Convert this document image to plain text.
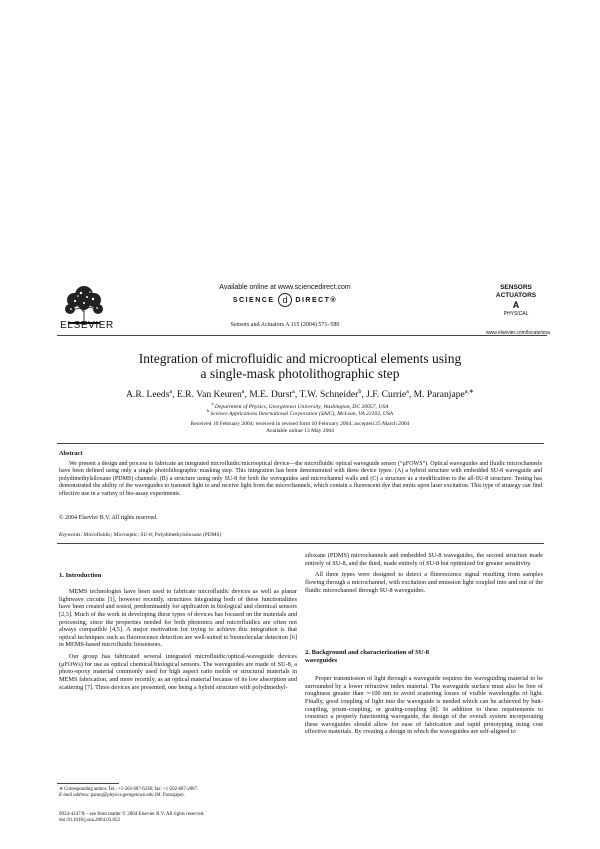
ELSEVIER
Available online at www.sciencedirect.com
SCIENCE d DIRECT®
Sensors and Actuators A 115 (2004) 571–580
SENSORS
ACTUATORS
A
PHYSICAL
www.elsevier.com/locate/sna
Integration of microfluidic and microoptical elements using
a single-mask photolithographic step
A.R. Leeds$^a$, E.R. Van Keuren$^a$, M.E. Durst$^a$, T.W. Schneider$^b$, J.F. Currie$^a$, M. Paranjape$^{a,∗}$
$^a$ Department of Physics, Georgetown University, Washington, DC 20057, USA
$^b$ Science Applications International Corporation (SAIC), McLean, VA 22102, USA
Received 10 February 2004; received in revised form 10 February 2004; accepted 25 March 2004
Available online 13 May 2004
Abstract
We present a design and process to fabricate an integrated microfluidic/microoptical device—the microfluidic optical waveguide sensor (“μFOWS”). Optical waveguides and fluidic microchannels have been defined using only a single photolithographic masking step. This integration has been demonstrated with three device types: (A) a hybrid structure with embedded SU-8 waveguide and polydimethylsiloxane (PDMS) channels; (B) a structure using only SU-8 for both the waveguides and microchannel walls and (C) a structure as a modification to the all-SU-8 structure. Testing has demonstrated the ability of the waveguides to transmit light to and receive light from the microchannels, which contain a fluorescent dye that emits upon laser excitation. This type of strategy can find effective use in a variety of bio-assay experiments.
© 2004 Elsevier B.V. All rights reserved.
Keywords: Microfluidic; Microoptic; SU-8; Polydimethylsiloxane (PDMS)
1. Introduction

MEMS technologies have been used to fabricate microfluidic devices as well as planar lightwave circuits [1], however recently, structures integrating both of these functionalities have been created and tested, predominantly for application in biological and chemical sensors [2,3]. Much of the work in developing these types of devices has focused on the materials and processing, since the properties needed for both photonics and microfluidics are often not always compatible [4,5]. A major motivation for trying to achieve this integration is that optical techniques such as fluorescence detection are well-suited to biomolecular detection [6] in MEMS-based microfluidic biosensors.

Our group has fabricated several integrated microfluidic/optical-waveguide devices (μFOWs) for use as optical chemical/biological sensors. The waveguides are made of SU-8, a photo-epoxy material commonly used for high aspect ratio molds or structural materials in MEMS fabrication, and more recently, as an optical material because of its low absorption and scattering [7]. Three devices are presented, one being a hybrid structure with polydimethyl-

∗ Corresponding author. Tel.: +1-202-687-6238; fax: +1-202-687-2087.
E-mail address: paranj@physics.georgetown.edu (M. Paranjape).
0924-4247/$ – see front matter © 2004 Elsevier B.V. All rights reserved.
doi:10.1016/j.sna.2004.03.052

siloxane (PDMS) microchannels and embedded SU-8 waveguides, the second structure made entirely of SU-8, and the third, made entirely of SU-8 but optimized for greater sensitivity.

All three types were designed to detect a fluorescence signal resulting from samples flowing through a microchannel, with excitation and emission light coupled into and out of the fluidic microchannel through SU-8 waveguides.

2. Background and characterization of SU-8
waveguides

Proper transmission of light through a waveguide requires the waveguiding material to be surrounded by a lower refractive index material. The waveguide surface must also be free of roughness greater than ∼100 nm to avoid scattering losses of visible wavelengths of light. Finally, good coupling of light into the waveguide is needed which can be achieved by butt-coupling, prism-coupling, or grating-coupling [8]. In addition to these requirements to construct a properly functioning waveguide, the design of the overall system incorporating these waveguides should allow for ease of fabrication and rapid prototyping using cost effective materials. By creating a design in which the waveguides are self-aligned to
